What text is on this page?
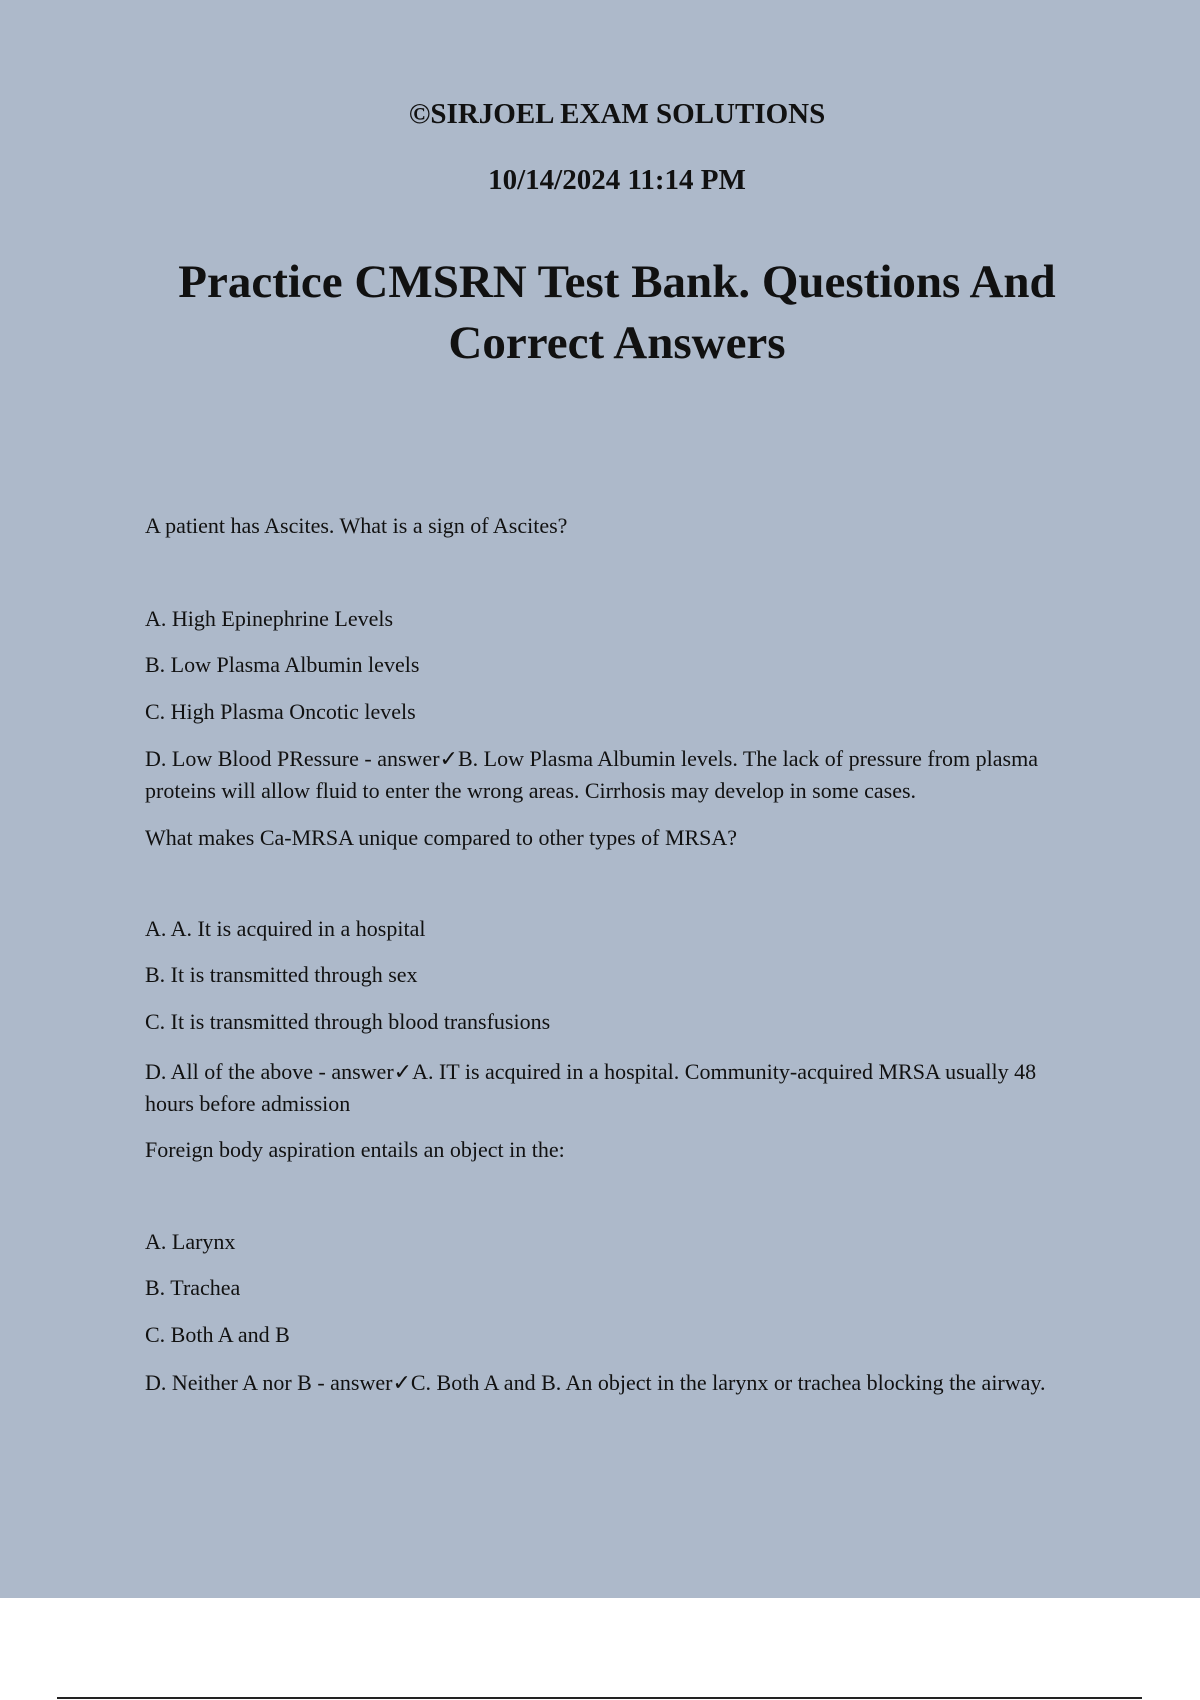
©SIRJOEL EXAM SOLUTIONS
10/14/2024 11:14 PM
Practice CMSRN Test Bank. Questions And Correct Answers

A patient has Ascites. What is a sign of Ascites?

A. High Epinephrine Levels

B. Low Plasma Albumin levels

C. High Plasma Oncotic levels

D. Low Blood PRessure - answer✓B. Low Plasma Albumin levels. The lack of pressure from plasma proteins will allow fluid to enter the wrong areas. Cirrhosis may develop in some cases.

What makes Ca-MRSA unique compared to other types of MRSA?

A. A. It is acquired in a hospital

B. It is transmitted through sex

C. It is transmitted through blood transfusions

D. All of the above - answer✓A. IT is acquired in a hospital. Community-acquired MRSA usually 48 hours before admission

Foreign body aspiration entails an object in the:

A. Larynx

B. Trachea

C. Both A and B

D. Neither A nor B - answer✓C. Both A and B. An object in the larynx or trachea blocking the airway.
